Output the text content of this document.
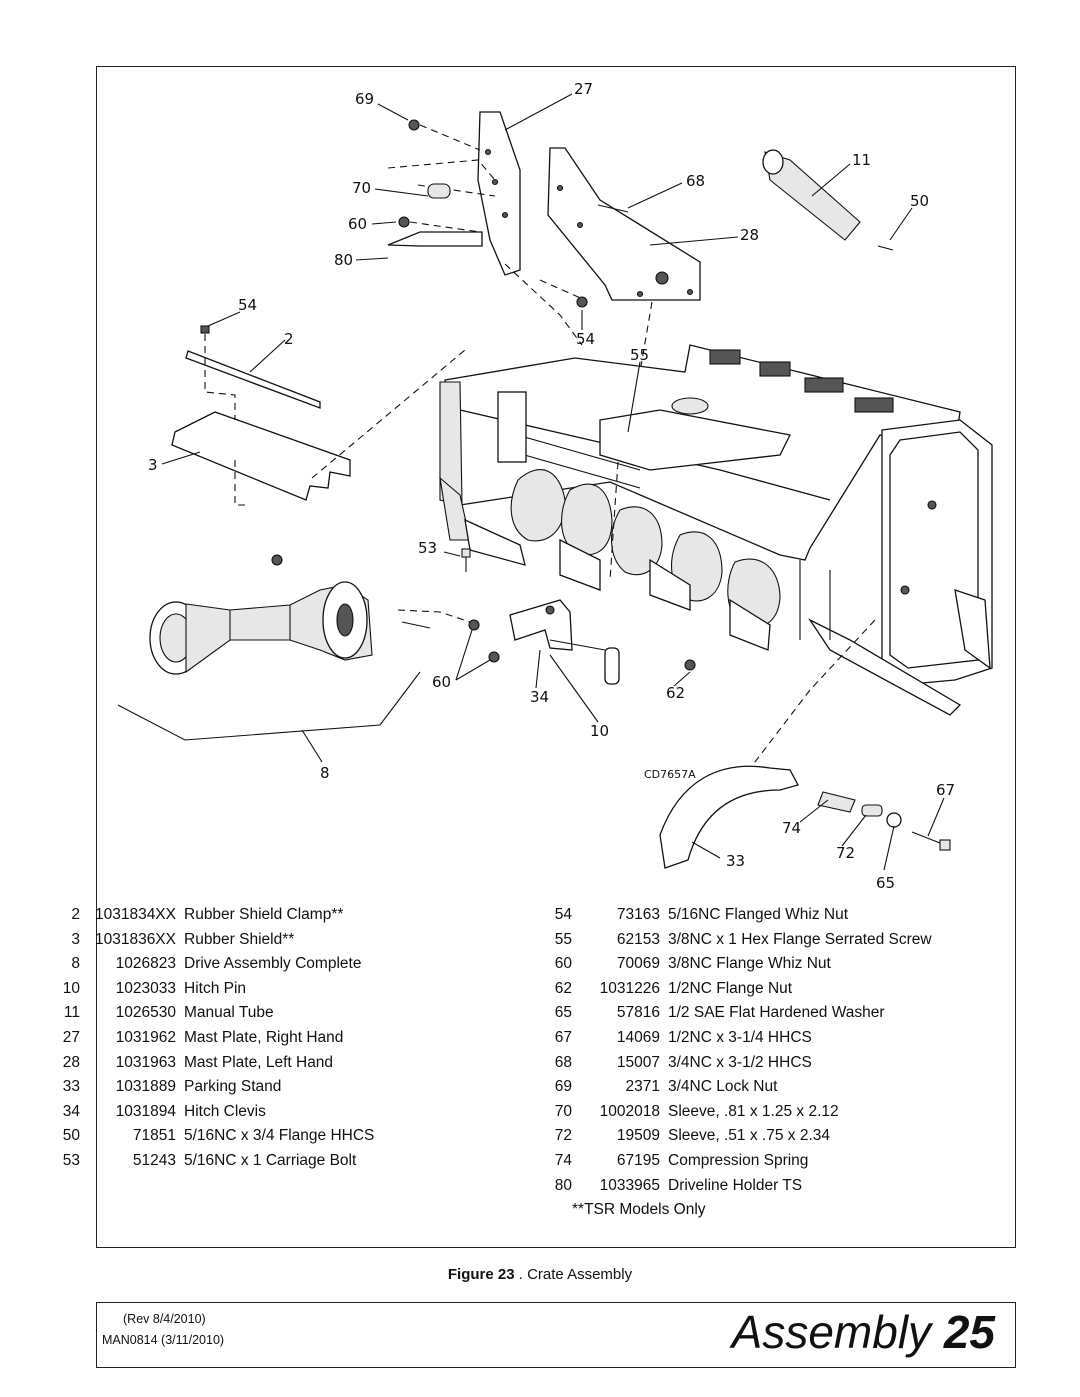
69
27
70
60
80
68
28
11
50
54
2	54
55
3
53
60
34	62
10
8
67
74
72
33
65
CD7657A
2 1031834XX Rubber Shield Clamp**
3 1031836XX Rubber Shield**
8	1026823 Drive Assembly Complete
10	1023033 Hitch Pin
11	1026530 Manual Tube
27	1031962 Mast Plate, Right Hand
28	1031963 Mast Plate, Left Hand
33	1031889 Parking Stand
34	1031894 Hitch Clevis
50	71851 5/16NC x 3/4 Flange HHCS
53	51243 5/16NC x 1 Carriage Bolt
54	73163 5/16NC Flanged Whiz Nut
55	62153 3/8NC x 1 Hex Flange Serrated Screw
60	70069 3/8NC Flange Whiz Nut
62	1031226 1/2NC Flange Nut
65	57816 1/2 SAE Flat Hardened Washer
67	14069 1/2NC x 3-1/4 HHCS
68	15007 3/4NC x 3-1/2 HHCS
69	2371 3/4NC Lock Nut
70	1002018 Sleeve, .81 x 1.25 x 2.12
72	19509 Sleeve, .51 x .75 x 2.34
74	67195 Compression Spring
80	1033965 Driveline Holder TS
**TSR Models Only
Figure 23 . Crate Assembly
(Rev 8/4/2010)
MAN0814 (3/11/2010)	Assembly 25
